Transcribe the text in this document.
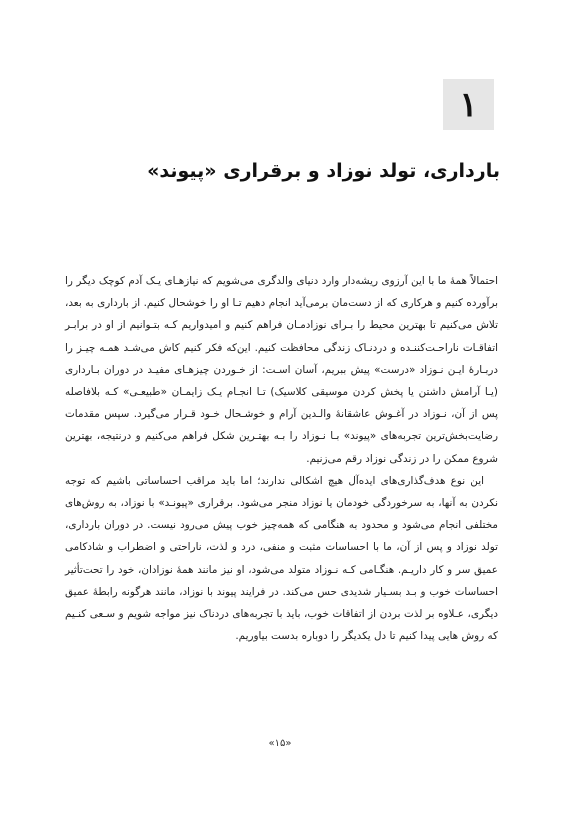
۱
بارداری، تولد نوزاد و برقراری «پیوند»

احتمالاً همهٔ ما با این آرزوی ریشه‌دار وارد دنیای والدگری می‌شویم که نیازهـای یـک آدم کوچک دیگر را برآورده کنیم و هرکاری که از دست‌مان برمی‌آید انجام دهیم تـا او را خوشحال کنیم. از بارداری به بعد، تلاش می‌کنیم تا بهترین محیط را بـرای نوزادمـان فراهم کنیم و امیدواریم کـه بتـوانیم از او در برابـر اتفاقـات ناراحـت‌کننـده و دردنـاک زندگی محافظت کنیم. این‌که فکر کنیم کاش می‌شـد همـه چیـز را دربـارهٔ ایـن نـوزاد «درست» پیش ببریم، آسان اسـت: از خـوردن چیزهـای مفیـد در دوران بـارداری (یـا آرامش داشتن یا پخش کردن موسیقی کلاسیک) تـا انجـام یـک زایمـان «طبیعـی» کـه بلافاصله پس از آن، نـوزاد در آغـوش عاشقانهٔ والـدین آرام و خوشـحال خـود قـرار می‌گیرد. سپس مقدمات رضایت‌بخش‌ترین تجربه‌های «پیوند» بـا نـوزاد را بـه بهتـرین شکل فراهم می‌کنیم و درنتیجه، بهترین شروع ممکن را در زندگی نوزاد رقم می‌زنیم.

این نوع هدف‌گذاری‌های ایده‌آل هیچ اشکالی ندارند؛ اما باید مراقب احساساتی باشیم که توجه نکردن به آنها، به سرخوردگی خودمان یا نوزاد منجر می‌شود. برقراری «پیونـد» با نوزاد، به روش‌های مختلفی انجام می‌شود و محدود به هنگامی که همه‌چیز خوب پیش می‌رود نیست. در دوران بارداری، تولد نوزاد و پس از آن، ما با احساسات مثبت و منفی، درد و لذت، ناراحتی و اضطراب و شادکامی عمیق سر و کار داریـم. هنگـامی کـه نـوزاد متولد می‌شود، او نیز مانند همهٔ نوزادان، خود را تحت‌تأثیر احساسات خوب و بـد بسـیار شدیدی حس می‌کند. در فرایند پیوند با نوزاد، مانند هرگونه رابطهٔ عمیق دیگری، عـلاوه بر لذت بردن از اتفاقات خوب، باید با تجربه‌های دردناک نیز مواجه شویم و سـعی کنـیم که روش هایی پیدا کنیم تا دل یکدیگر را دوباره بدست بیاوریم.

«۱۵»
